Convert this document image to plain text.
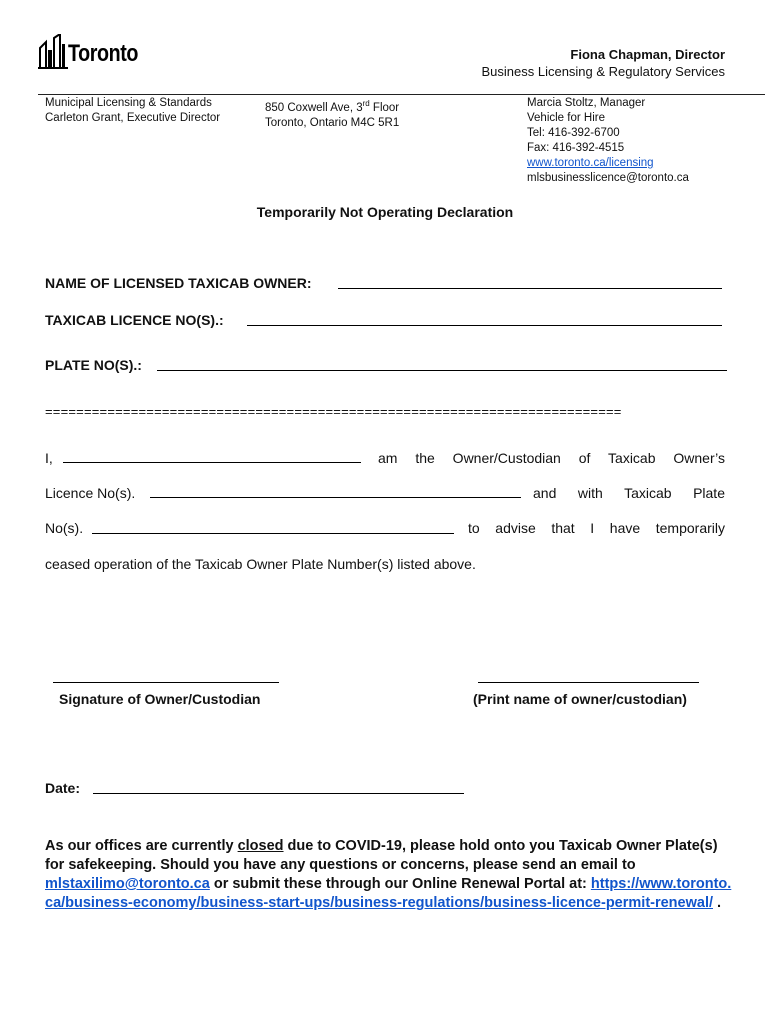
Toronto	Fiona Chapman, Director
Business Licensing & Regulatory Services
Municipal Licensing & Standards
Carleton Grant, Executive Director
850 Coxwell Ave, 3rd Floor
Toronto, Ontario M4C 5R1
Marcia Stoltz, Manager
Vehicle for Hire
Tel: 416-392-6700
Fax: 416-392-4515
www.toronto.ca/licensing
mlsbusinesslicence@toronto.ca
Temporarily Not Operating Declaration
NAME OF LICENSED TAXICAB OWNER:
TAXICAB LICENCE NO(S).:
PLATE NO(S).:
==========================================================================
I,	am the Owner/Custodian of Taxicab Owner’s
Licence No(s).	and with Taxicab Plate
No(s).	to advise that I have temporarily
ceased operation of the Taxicab Owner Plate Number(s) listed above.
Signature of Owner/Custodian	(Print name of owner/custodian)
Date:
As our offices are currently closed due to COVID-19, please hold onto you Taxicab Owner Plate(s) for safekeeping. Should you have any questions or concerns, please send an email to mlstaxilimo@toronto.ca or submit these through our Online Renewal Portal at: https://www.toronto.ca/business-economy/business-start-ups/business-regulations/business-licence-permit-renewal/ .
